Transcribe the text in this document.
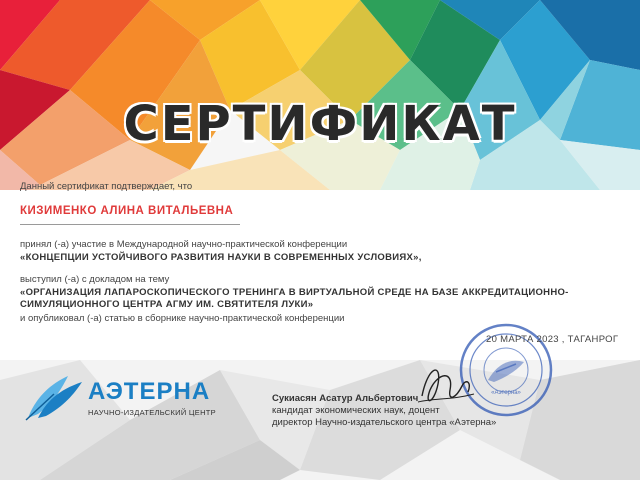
СЕРТИФИКАТ
Данный сертификат подтверждает, что
КИЗИМЕНКО АЛИНА ВИТАЛЬЕВНА
принял (-а) участие в Международной научно-практической конференции
«КОНЦЕПЦИИ УСТОЙЧИВОГО РАЗВИТИЯ НАУКИ В СОВРЕМЕННЫХ УСЛОВИЯХ»,
выступил (-а) с докладом на тему
«ОРГАНИЗАЦИЯ ЛАПАРОСКОПИЧЕСКОГО ТРЕНИНГА В ВИРТУАЛЬНОЙ СРЕДЕ НА БАЗЕ АККРЕДИТАЦИОННО-
СИМУЛЯЦИОННОГО ЦЕНТРА АГМУ ИМ. СВЯТИТЕЛЯ ЛУКИ»
и опубликовал (-а) статью в сборнике научно-практической конференции
«Аэтерна»
20 МАРТА 2023 , ТАГАНРОГ
АЭТЕРНА
НАУЧНО-ИЗДАТЕЛЬСКИЙ ЦЕНТР
Сукиасян Асатур Альбертович
кандидат экономических наук, доцент
директор Научно-издательского центра «Аэтерна»
